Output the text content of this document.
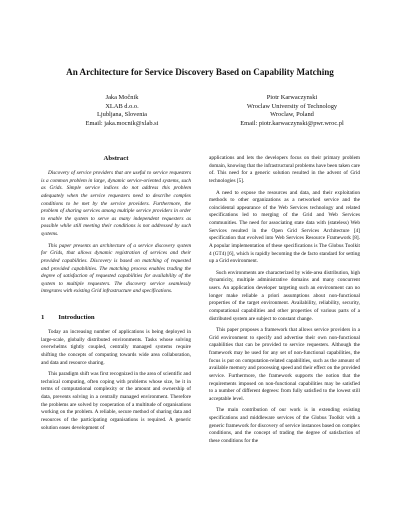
An Architecture for Service Discovery Based on Capability Matching
Jaka Močnik
XLAB d.o.o.
Ljubljana, Slovenia
Email: jaka.mocnik@xlab.si
Piotr Karwaczynski
Wroclaw University of Technology
Wroclaw, Poland
Email: piotr.karwaczynski@pwr.wroc.pl
Abstract

Discovery of service providers that are useful to service requesters is a common problem in large, dynamic service-oriented systems, such as Grids. Simple service indices do not address this problem adequately when the service requesters need to describe complex conditions to be met by the service providers. Furthermore, the problem of sharing services among multiple service providers in order to enable the system to serve as many independent requesters as possible while still meeting their conditions is not addressed by such systems.

This paper presents an architecture of a service discovery system for Grids, that allows dynamic registration of services and their provided capabilities. Discovery is based on matching of requested and provided capabilities. The matching process enables trading the degree of satisfaction of requested capabilities for availability of the system to multiple requesters. The discovery service seamlessly integrates with existing Grid infrastructure and specifications.

1 Introduction

Today an increasing number of applications is being deployed in large-scale, globally distributed environments. Tasks whose solving overwhelms tightly coupled, centrally managed systems require shifting the concepts of computing towards wide area collaboration, and data and resource sharing.

This paradigm shift was first recognized in the area of scientific and technical computing, often coping with problems whose size, be it in terms of computational complexity or the amount and ownership of data, prevents solving in a centrally managed environment. Therefore the problems are solved by cooperation of a multitude of organisations working on the problem. A reliable, secure method of sharing data and resources of the participating organisations is required. A generic solution eases development of

applications and lets the developers focus on their primary problem domain, knowing that the infrastructural problems have been taken care of. This need for a generic solution resulted in the advent of Grid technologies [5].

A need to expose the resources and data, and their exploitation methods to other organizations as a networked service and the coincidental appearance of the Web Services technology and related specifications led to merging of the Grid and Web Services communities. The need for associating state data with (stateless) Web Services resulted in the Open Grid Services Architecture [4] specification that evolved into Web Services Resource Framework [8]. A popular implementation of these specifications is The Globus Toolkit 4 (GT4) [6], which is rapidly becoming the de facto standard for setting up a Grid environment.

Such environments are characterized by wide-area distribution, high dynamicity, multiple administrative domains and many concurrent users. An application developer targeting such an environment can no longer make reliable a priori assumptions about non-functional properties of the target environment. Availability, reliability, security, computational capabilities and other properties of various parts of a distributed system are subject to constant change.

This paper proposes a framework that allows service providers in a Grid environment to specify and advertise their own non-functional capabilities that can be provided to service requesters. Although the framework may be used for any set of non-functional capabilities, the focus is put on computation-related capabilities, such as the amount of available memory and processing speed and their effect on the provided service. Furthermore, the framework supports the notion that the requirements imposed on non-functional capabilities may be satisfied to a number of different degrees: from fully satisfied to the lowest still acceptable level.

The main contribution of our work is in extending existing specifications and middleware services of the Globus Toolkit with a generic framework for discovery of service instances based on complex conditions, and the concept of trading the degree of satisfaction of these conditions for the
